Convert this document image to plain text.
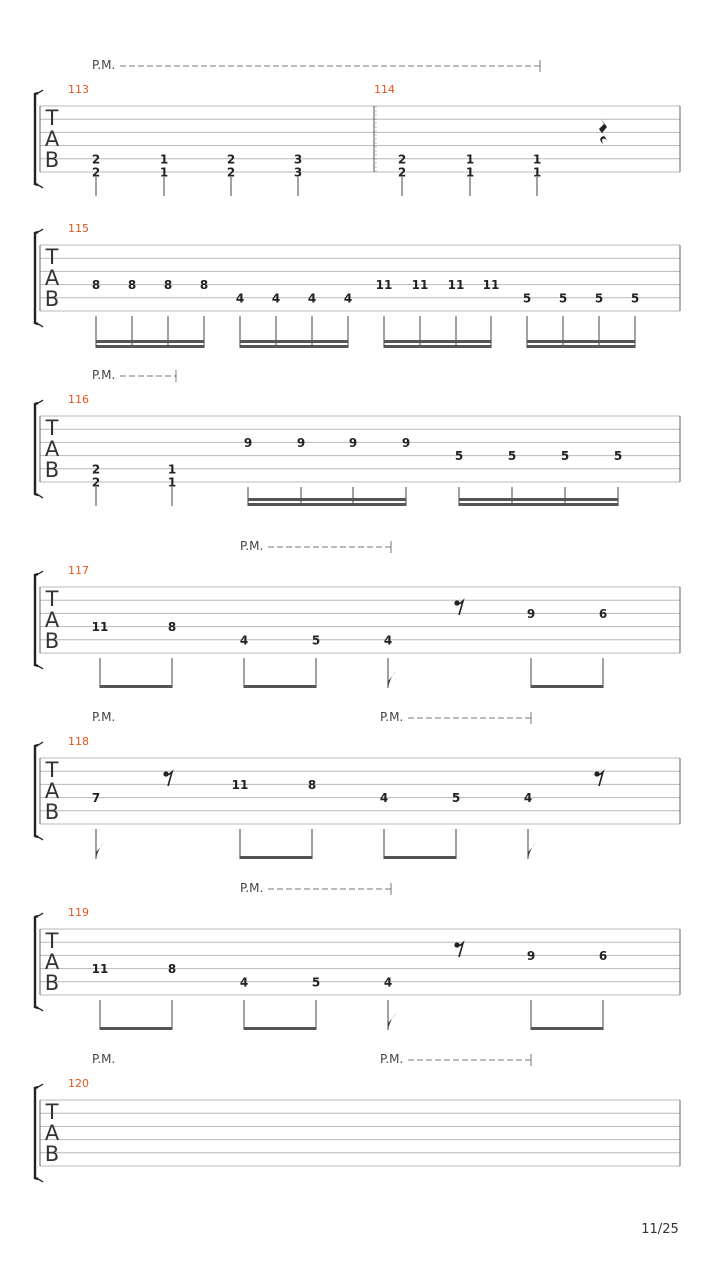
T
A
B
113	114
P.M.
2
2
1
1
2
2
3
3
2
2
1
1
1
1
T
A
B
115
8 8 8 8
4 4 4 4
11 11 11 11
5 5 5 5
T
A
B
116
P.M.
2
2
1
1
9	9	9	9
5	5	5	5
T
A
B
117
P.M.
11	8
4	5	4
9	6
T
A
B
118
P.M.	P.M.
7
11	8
4	5	4
T
A
B
119
P.M.
11	8
4	5	4
9	6
T
A
B
120
P.M.	P.M.
11/25
